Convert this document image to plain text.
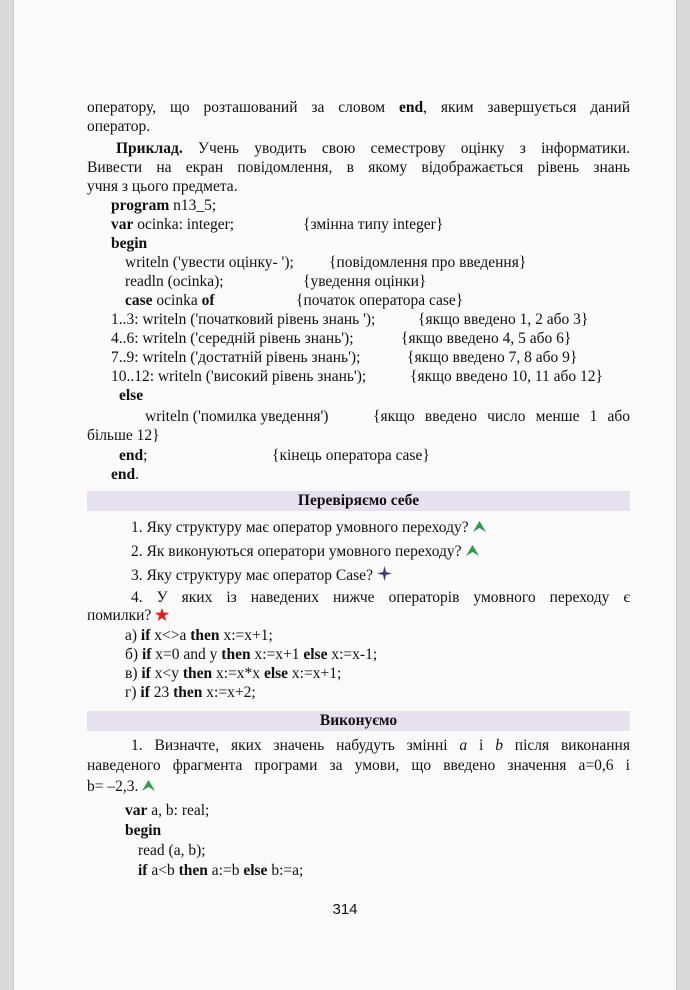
оператору, що розташований за словом end, яким завершується даний
оператор.
Приклад. Учень уводить свою семестрову оцінку з інформатики.
Вивести на екран повідомлення, в якому відображається рівень знань
учня з цього предмета.
program n13_5;
var ocinka: integer;	{змінна типу integer}
begin
writeln ('увести оцінку- '); {повідомлення про введення}
readln (ocinka);	{уведення оцінки}
case ocinka of	{початок оператора case}
1..3: writeln ('початковий рівень знань ');	{якщо введено 1, 2 або 3}
4..6: writeln ('середній рівень знань');	{якщо введено 4, 5 або 6}
7..9: writeln ('достатній рівень знань');	{якщо введено 7, 8 або 9}
10..12: writeln ('високий рівень знань');	{якщо введено 10, 11 або 12}
else
writeln ('помилка уведення')	{якщо введено число менше 1 або
більше 12}
end;	{кінець оператора case}
end.
Перевіряємо себе
1. Яку структуру має оператор умовного переходу?
2. Як виконуються оператори умовного переходу?
3. Яку структуру має оператор Case?
4. У яких із наведених нижче операторів умовного переходу є
помилки?
а) if x<>a then x:=x+1;
б) if x=0 and y then x:=x+1 else x:=x-1;
в) if x<y then x:=x*x else x:=x+1;
г) if 23 then x:=x+2;
Виконуємо
1. Визначте, яких значень набудуть змінні a і b після виконання
наведеного фрагмента програми за умови, що введено значення a=0,6 і
b= –2,3.
var a, b: real;
begin
read (a, b);
if a<b then a:=b else b:=a;
314
